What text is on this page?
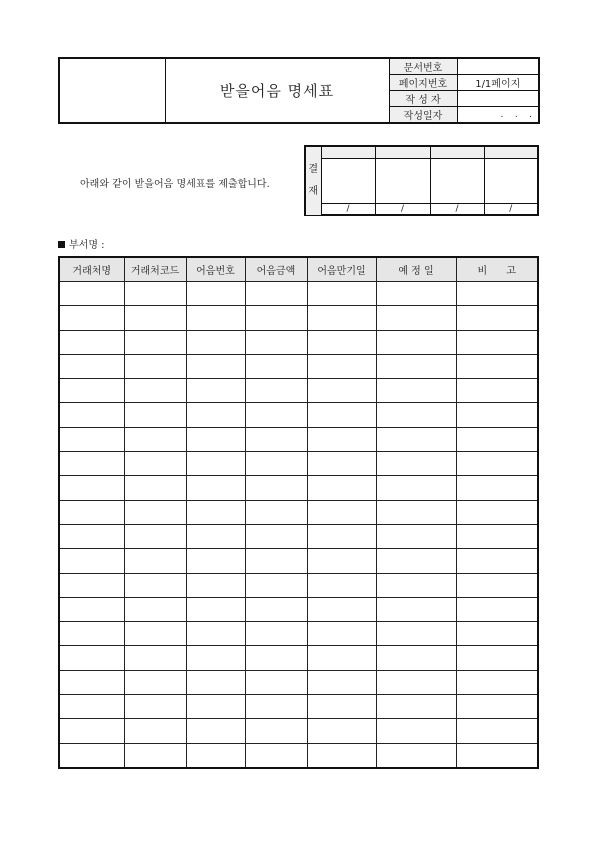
	받을어음 명세표	문서번호	
		페이지번호	1/1페이지
		작 성 자	
		작성일자	.    .    .
아래와 같이 받을어음 명세표를 제출합니다.
결
재				

	/	/	/	/
부서명 :
거래처명	거래처코드	어음번호	어음금액	어음만기일	예 정 일	비      고
